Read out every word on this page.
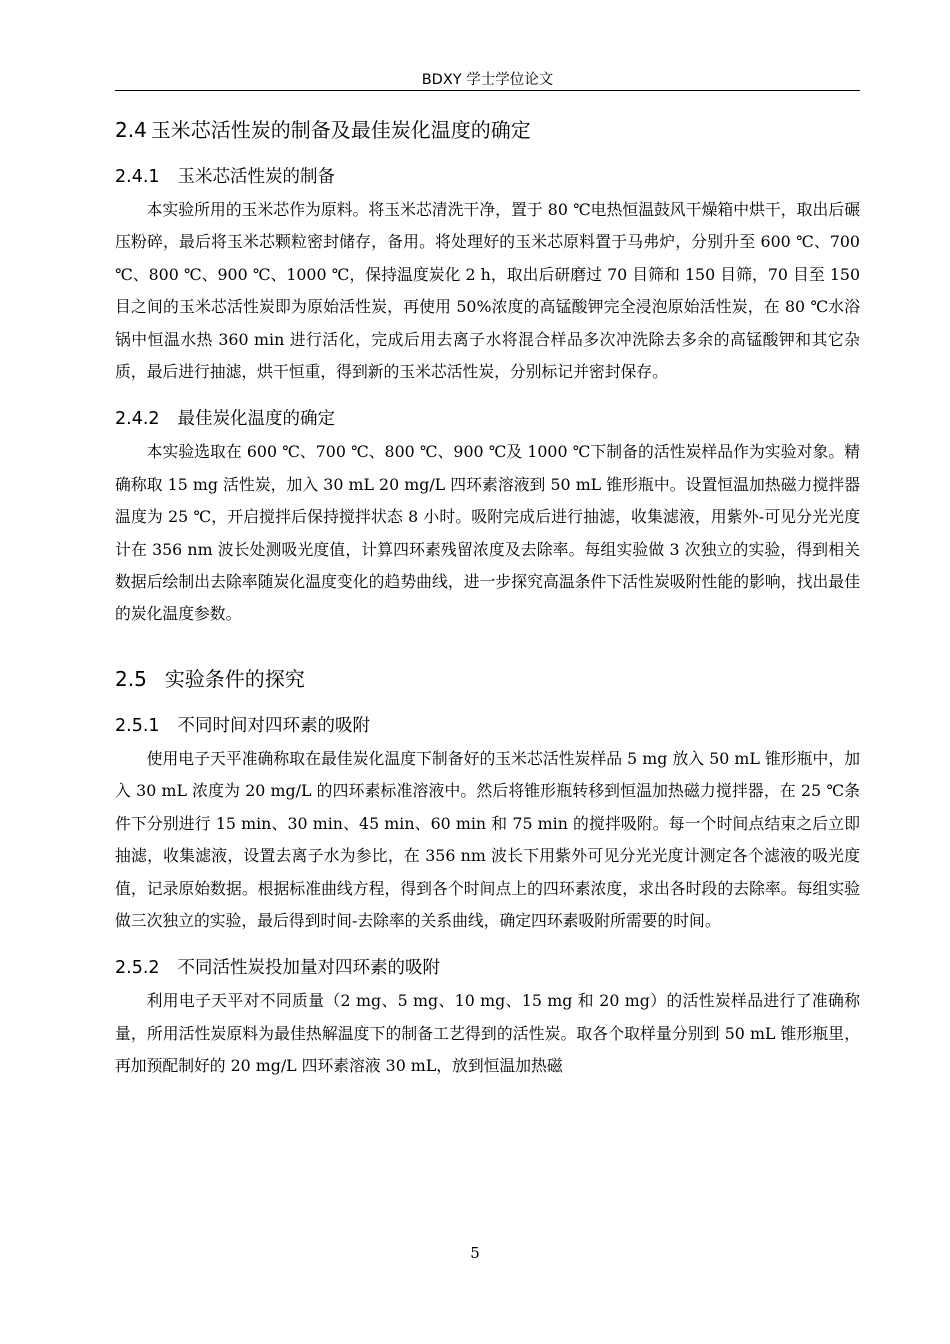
BDXY 学士学位论文
2.4 玉米芯活性炭的制备及最佳炭化温度的确定
2.4.1 玉米芯活性炭的制备

本实验所用的玉米芯作为原料。将玉米芯清洗干净，置于 80 ℃电热恒温鼓风干燥箱中烘干，取出后碾压粉碎，最后将玉米芯颗粒密封储存，备用。将处理好的玉米芯原料置于马弗炉，分别升至 600 ℃、700 ℃、800 ℃、900 ℃、1000 ℃，保持温度炭化 2 h，取出后研磨过 70 目筛和 150 目筛，70 目至 150 目之间的玉米芯活性炭即为原始活性炭，再使用 50%浓度的高锰酸钾完全浸泡原始活性炭，在 80 ℃水浴锅中恒温水热 360 min 进行活化，完成后用去离子水将混合样品多次冲洗除去多余的高锰酸钾和其它杂质，最后进行抽滤，烘干恒重，得到新的玉米芯活性炭，分别标记并密封保存。

2.4.2 最佳炭化温度的确定

本实验选取在 600 ℃、700 ℃、800 ℃、900 ℃及 1000 ℃下制备的活性炭样品作为实验对象。精确称取 15 mg 活性炭，加入 30 mL 20 mg/L 四环素溶液到 50 mL 锥形瓶中。设置恒温加热磁力搅拌器温度为 25 ℃，开启搅拌后保持搅拌状态 8 小时。吸附完成后进行抽滤，收集滤液，用紫外-可见分光光度计在 356 nm 波长处测吸光度值，计算四环素残留浓度及去除率。每组实验做 3 次独立的实验，得到相关数据后绘制出去除率随炭化温度变化的趋势曲线，进一步探究高温条件下活性炭吸附性能的影响，找出最佳的炭化温度参数。

2.5 实验条件的探究
2.5.1 不同时间对四环素的吸附

使用电子天平准确称取在最佳炭化温度下制备好的玉米芯活性炭样品 5 mg 放入 50 mL 锥形瓶中，加入 30 mL 浓度为 20 mg/L 的四环素标准溶液中。然后将锥形瓶转移到恒温加热磁力搅拌器，在 25 ℃条件下分别进行 15 min、30 min、45 min、60 min 和 75 min 的搅拌吸附。每一个时间点结束之后立即抽滤，收集滤液，设置去离子水为参比，在 356 nm 波长下用紫外可见分光光度计测定各个滤液的吸光度值，记录原始数据。根据标准曲线方程，得到各个时间点上的四环素浓度，求出各时段的去除率。每组实验做三次独立的实验，最后得到时间-去除率的关系曲线，确定四环素吸附所需要的时间。

2.5.2 不同活性炭投加量对四环素的吸附

利用电子天平对不同质量（2 mg、5 mg、10 mg、15 mg 和 20 mg）的活性炭样品进行了准确称量，所用活性炭原料为最佳热解温度下的制备工艺得到的活性炭。取各个取样量分别到 50 mL 锥形瓶里，再加预配制好的 20 mg/L 四环素溶液 30 mL，放到恒温加热磁

5
